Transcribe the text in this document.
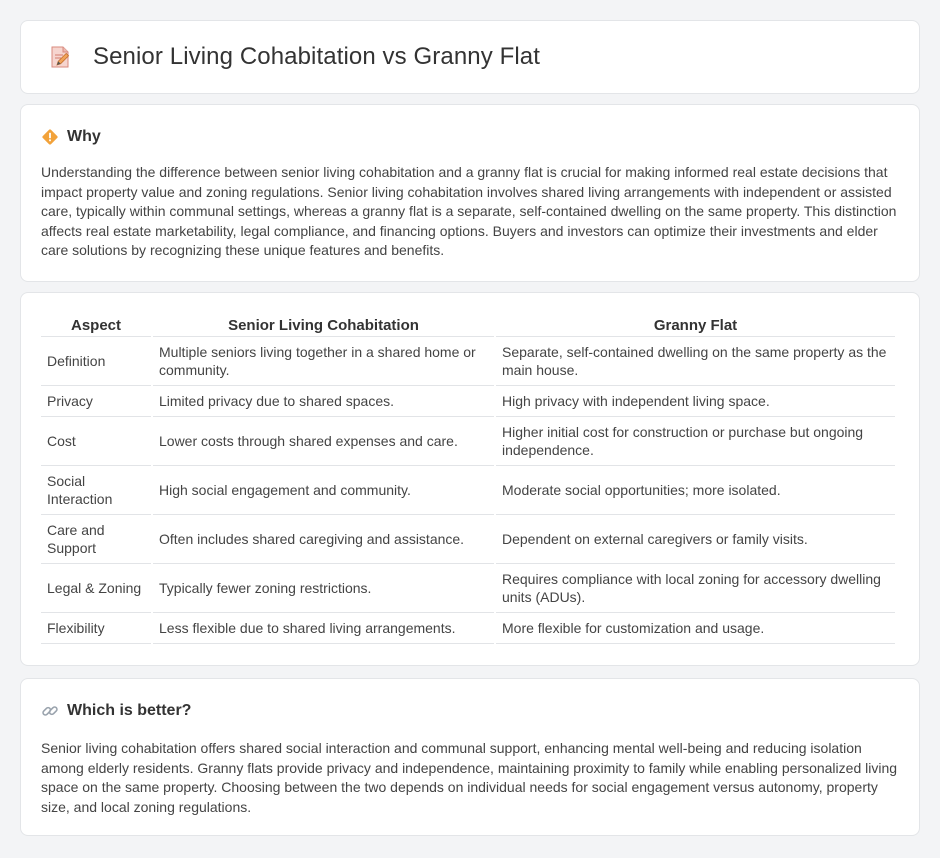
Senior Living Cohabitation vs Granny Flat
Why

Understanding the difference between senior living cohabitation and a granny flat is crucial for making informed real estate decisions that impact property value and zoning regulations. Senior living cohabitation involves shared living arrangements with independent or assisted care, typically within communal settings, whereas a granny flat is a separate, self-contained dwelling on the same property. This distinction affects real estate marketability, legal compliance, and financing options. Buyers and investors can optimize their investments and elder care solutions by recognizing these unique features and benefits.

Aspect	Senior Living Cohabitation	Granny Flat
Definition	Multiple seniors living together in a shared home or community.	Separate, self-contained dwelling on the same property as the main house.
Privacy	Limited privacy due to shared spaces.	High privacy with independent living space.
Cost	Lower costs through shared expenses and care.	Higher initial cost for construction or purchase but ongoing independence.
Social Interaction	High social engagement and community.	Moderate social opportunities; more isolated.
Care and Support	Often includes shared caregiving and assistance.	Dependent on external caregivers or family visits.
Legal & Zoning	Typically fewer zoning restrictions.	Requires compliance with local zoning for accessory dwelling units (ADUs).
Flexibility	Less flexible due to shared living arrangements.	More flexible for customization and usage.
Which is better?

Senior living cohabitation offers shared social interaction and communal support, enhancing mental well-being and reducing isolation among elderly residents. Granny flats provide privacy and independence, maintaining proximity to family while enabling personalized living space on the same property. Choosing between the two depends on individual needs for social engagement versus autonomy, property size, and local zoning regulations.
